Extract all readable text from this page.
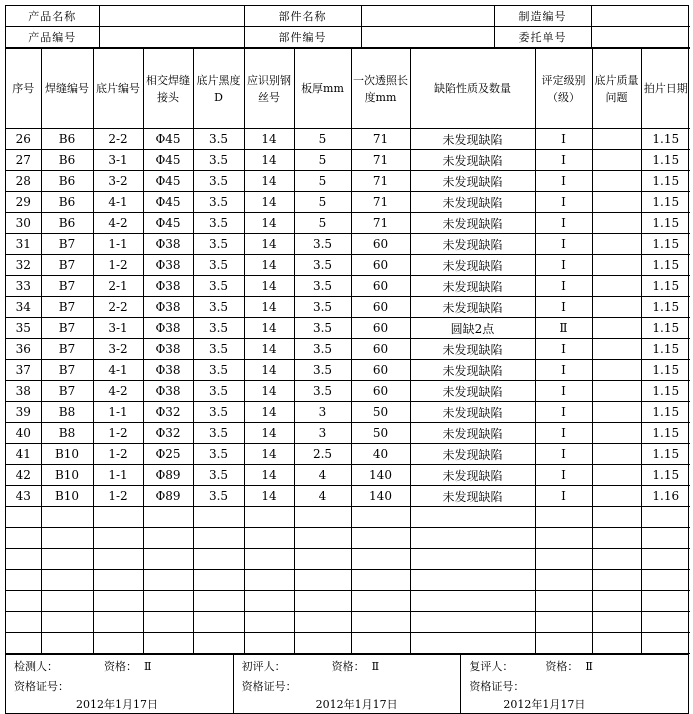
产品名称		部件名称		制造编号	
产品编号		部件编号		委托单号	
序号	焊缝编号	底片编号	相交焊缝接头	底片黑度D	应识别钢丝号	板厚mm	一次透照长度mm	缺陷性质及数量	评定级别（级）	底片质量问题	拍片日期
26	B6	2-2	Φ45	3.5	14	5	71	未发现缺陷	I		1.15
27	B6	3-1	Φ45	3.5	14	5	71	未发现缺陷	I		1.15
28	B6	3-2	Φ45	3.5	14	5	71	未发现缺陷	I		1.15
29	B6	4-1	Φ45	3.5	14	5	71	未发现缺陷	I		1.15
30	B6	4-2	Φ45	3.5	14	5	71	未发现缺陷	I		1.15
31	B7	1-1	Φ38	3.5	14	3.5	60	未发现缺陷	I		1.15
32	B7	1-2	Φ38	3.5	14	3.5	60	未发现缺陷	I		1.15
33	B7	2-1	Φ38	3.5	14	3.5	60	未发现缺陷	I		1.15
34	B7	2-2	Φ38	3.5	14	3.5	60	未发现缺陷	I		1.15
35	B7	3-1	Φ38	3.5	14	3.5	60	圆缺2点	Ⅱ		1.15
36	B7	3-2	Φ38	3.5	14	3.5	60	未发现缺陷	I		1.15
37	B7	4-1	Φ38	3.5	14	3.5	60	未发现缺陷	I		1.15
38	B7	4-2	Φ38	3.5	14	3.5	60	未发现缺陷	I		1.15
39	B8	1-1	Φ32	3.5	14	3	50	未发现缺陷	I		1.15
40	B8	1-2	Φ32	3.5	14	3	50	未发现缺陷	I		1.15
41	B10	1-2	Φ25	3.5	14	2.5	40	未发现缺陷	I		1.15
42	B10	1-1	Φ89	3.5	14	4	140	未发现缺陷	I		1.15
43	B10	1-2	Φ89	3.5	14	4	140	未发现缺陷	I		1.16

检测人：	资格： Ⅱ
资格证号：
2012年1月17日
初评人：	资格： Ⅱ
资格证号：
2012年1月17日
复评人：	资格： Ⅱ
资格证号：
2012年1月17日
